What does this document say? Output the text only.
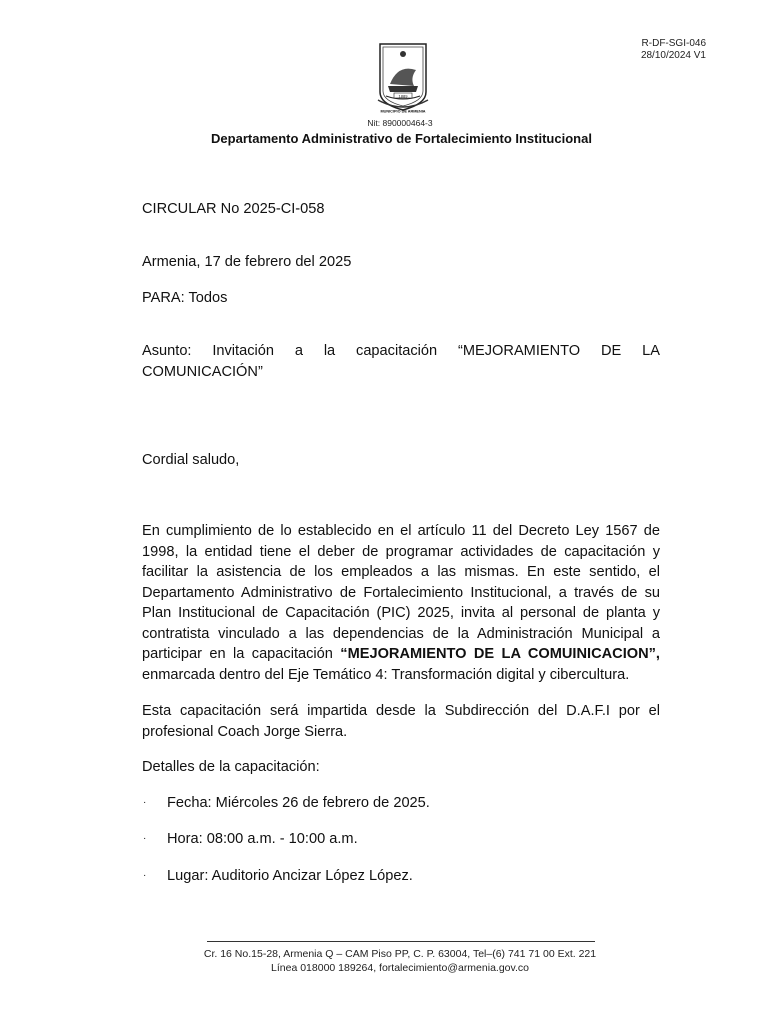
R-DF-SGI-046
28/10/2024 V1
1889
MUNICIPIO DE ARMENIA
Nit: 890000464-3
Departamento Administrativo de Fortalecimiento Institucional
CIRCULAR No 2025-CI-058
Armenia, 17 de febrero del 2025
PARA: Todos
Asunto: Invitación a la capacitación “MEJORAMIENTO DE LA
COMUNICACIÓN”
Cordial saludo,
En cumplimiento de lo establecido en el artículo 11 del Decreto Ley 1567 de 1998, la entidad tiene el deber de programar actividades de capacitación y facilitar la asistencia de los empleados a las mismas. En este sentido, el Departamento Administrativo de Fortalecimiento Institucional, a través de su Plan Institucional de Capacitación (PIC) 2025, invita al personal de planta y contratista vinculado a las dependencias de la Administración Municipal a participar en la capacitación “MEJORAMIENTO DE LA COMUINICACION”, enmarcada dentro del Eje Temático 4: Transformación digital y cibercultura.
Esta capacitación será impartida desde la Subdirección del D.A.F.I por el profesional Coach Jorge Sierra.
Detalles de la capacitación:
· Fecha: Miércoles 26 de febrero de 2025.
· Hora: 08:00 a.m. - 10:00 a.m.
· Lugar: Auditorio Ancizar López López.
Cr. 16 No.15-28, Armenia Q – CAM Piso PP, C. P. 63004, Tel–(6) 741 71 00 Ext. 221
Línea 018000 189264, fortalecimiento@armenia.gov.co
